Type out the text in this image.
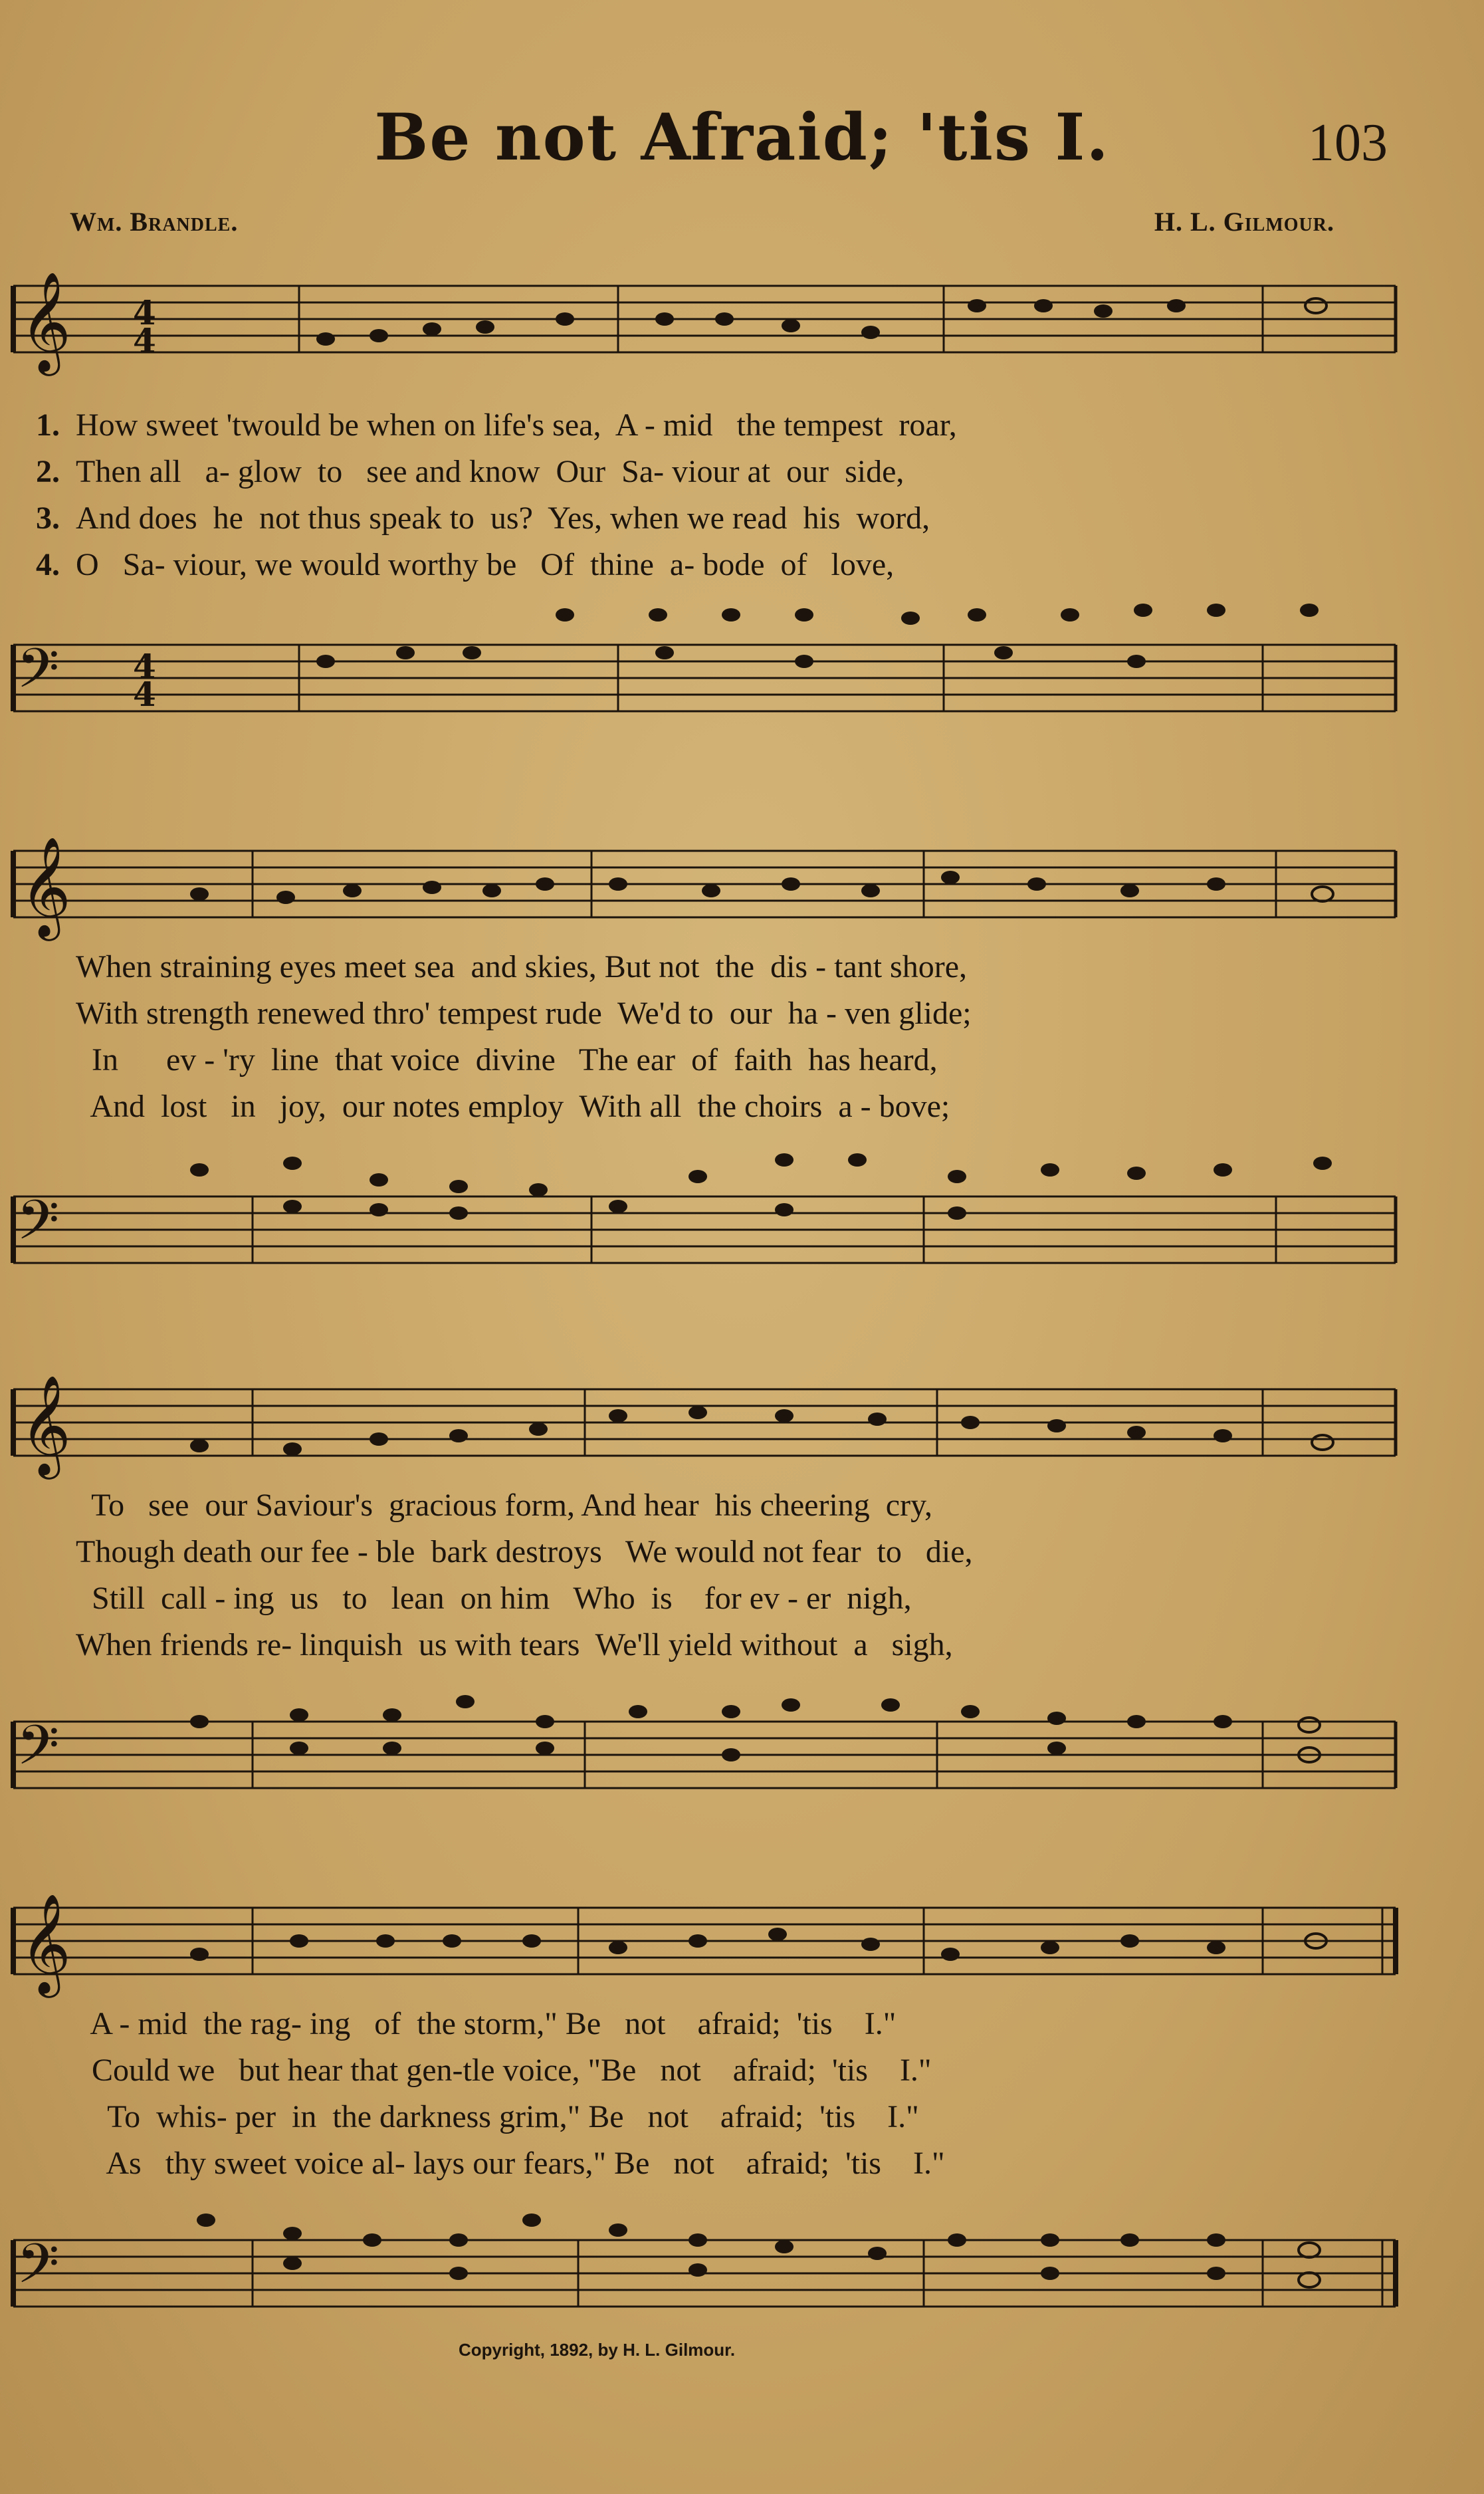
Be not Afraid; 'tis I.	103
Wm. Brandle.	H. L. Gilmour.
𝄞 4
4
1. How sweet 'twould be when on life's sea,  A - mid   the tempest  roar,
2. Then all   a- glow  to   see and know  Our  Sa- viour at  our  side,
3. And does  he  not thus speak to  us?  Yes, when we read  his  word,
4. O   Sa- viour, we would worthy be   Of  thine  a- bode  of   love,
𝄢 4
4
𝄞
When straining eyes meet sea  and skies, But not  the  dis - tant shore,
With strength renewed thro' tempest rude  We'd to  our  ha - ven glide;
In      ev - 'ry  line  that voice  divine   The ear  of  faith  has heard,
And  lost   in   joy,  our notes employ  With all  the choirs  a - bove;
𝄢
𝄞
To   see  our Saviour's  gracious form, And hear  his cheering  cry,
Though death our fee - ble  bark destroys   We would not fear  to   die,
Still  call - ing  us   to   lean  on him   Who  is    for ev - er  nigh,
When friends re- linquish  us with tears  We'll yield without  a   sigh,
𝄢
𝄞
A - mid  the rag- ing   of  the storm," Be   not    afraid;  'tis    I."
Could we   but hear that gen-tle voice, "Be   not    afraid;  'tis    I."
To  whis- per  in  the darkness grim," Be   not    afraid;  'tis    I."
As   thy sweet voice al- lays our fears," Be   not    afraid;  'tis    I."
𝄢
Copyright, 1892, by H. L. Gilmour.
